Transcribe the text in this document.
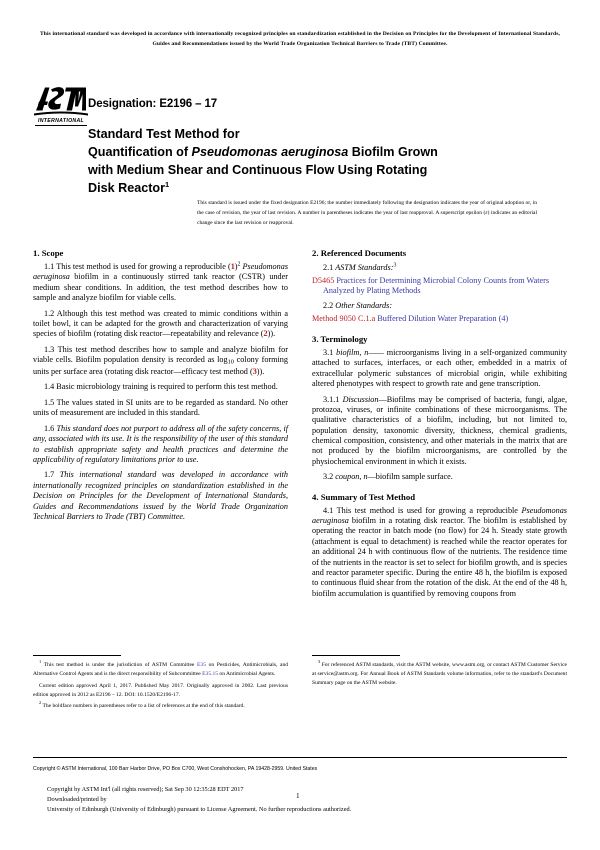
This international standard was developed in accordance with internationally recognized principles on standardization established in the Decision on Principles for the Development of International Standards, Guides and Recommendations issued by the World Trade Organization Technical Barriers to Trade (TBT) Committee.
INTERNATIONAL
Designation: E2196 – 17
Standard Test Method for
Quantification of Pseudomonas aeruginosa Biofilm Grown
with Medium Shear and Continuous Flow Using Rotating
Disk Reactor$^1$
This standard is issued under the fixed designation E2196; the number immediately following the designation indicates the year of original adoption or, in the case of revision, the year of last revision. A number in parentheses indicates the year of last reapproval. A superscript epsilon (ε) indicates an editorial change since the last revision or reapproval.
1. Scope

1.1 This test method is used for growing a reproducible (1)$^2$ Pseudomonas aeruginosa biofilm in a continuously stirred tank reactor (CSTR) under medium shear conditions. In addition, the test method describes how to sample and analyze biofilm for viable cells.

1.2 Although this test method was created to mimic conditions within a toilet bowl, it can be adapted for the growth and characterization of varying species of biofilm (rotating disk reactor—repeatability and relevance (2)).

1.3 This test method describes how to sample and analyze biofilm for viable cells. Biofilm population density is recorded as $\log_{10}$ colony forming units per surface area (rotating disk reactor—efficacy test method (3)).

1.4 Basic microbiology training is required to perform this test method.

1.5 The values stated in SI units are to be regarded as standard. No other units of measurement are included in this standard.

1.6 This standard does not purport to address all of the safety concerns, if any, associated with its use. It is the responsibility of the user of this standard to establish appropriate safety and health practices and determine the applicability of regulatory limitations prior to use.

1.7 This international standard was developed in accordance with internationally recognized principles on standardization established in the Decision on Principles for the Development of International Standards, Guides and Recommendations issued by the World Trade Organization Technical Barriers to Trade (TBT) Committee.

2. Referenced Documents

2.1 ASTM Standards:$^3$

D5465 Practices for Determining Microbial Colony Counts from Waters Analyzed by Plating Methods

2.2 Other Standards:

Method 9050 C.1.a Buffered Dilution Water Preparation (4)

3. Terminology

3.1 biofilm, n—— microorganisms living in a self-organized community attached to surfaces, interfaces, or each other, embedded in a matrix of extracellular polymeric substances of microbial origin, while exhibiting altered phenotypes with respect to growth rate and gene transcription.

3.1.1 Discussion—Biofilms may be comprised of bacteria, fungi, algae, protozoa, viruses, or infinite combinations of these microorganisms. The qualitative characteristics of a biofilm, including, but not limited to, population density, taxonomic diversity, thickness, chemical gradients, chemical composition, consistency, and other materials in the matrix that are not produced by the biofilm microorganisms, are controlled by the physiochemical environment in which it exists.

3.2 coupon, n—biofilm sample surface.

4. Summary of Test Method

4.1 This test method is used for growing a reproducible Pseudomonas aeruginosa biofilm in a rotating disk reactor. The biofilm is established by operating the reactor in batch mode (no flow) for 24 h. Steady state growth (attachment is equal to detachment) is reached while the reactor operates for an additional 24 h with continuous flow of the nutrients. The residence time of the nutrients in the reactor is set to select for biofilm growth, and is species and reactor parameter specific. During the entire 48 h, the biofilm is exposed to continuous fluid shear from the rotation of the disk. At the end of the 48 h, biofilm accumulation is quantified by removing coupons from

$^1$ This test method is under the jurisdiction of ASTM Committee E35 on Pesticides, Antimicrobials, and Alternative Control Agents and is the direct responsibility of Subcommittee E35.15 on Antimicrobial Agents.

Current edition approved April 1, 2017. Published May 2017. Originally approved in 2002. Last previous edition approved in 2012 as E2196 – 12. DOI: 10.1520/E2196-17.

$^2$ The boldface numbers in parentheses refer to a list of references at the end of this standard.

$^3$ For referenced ASTM standards, visit the ASTM website, www.astm.org, or contact ASTM Customer Service at service@astm.org. For Annual Book of ASTM Standards volume information, refer to the standard's Document Summary page on the ASTM website.

Copyright © ASTM International, 100 Barr Harbor Drive, PO Box C700, West Conshohocken, PA 19428-2959. United States

Copyright by ASTM Int'l (all rights reserved); Sat Sep 30 12:35:28 EDT 2017

Downloaded/printed by

University of Edinburgh (University of Edinburgh) pursuant to License Agreement. No further reproductions authorized.

1
